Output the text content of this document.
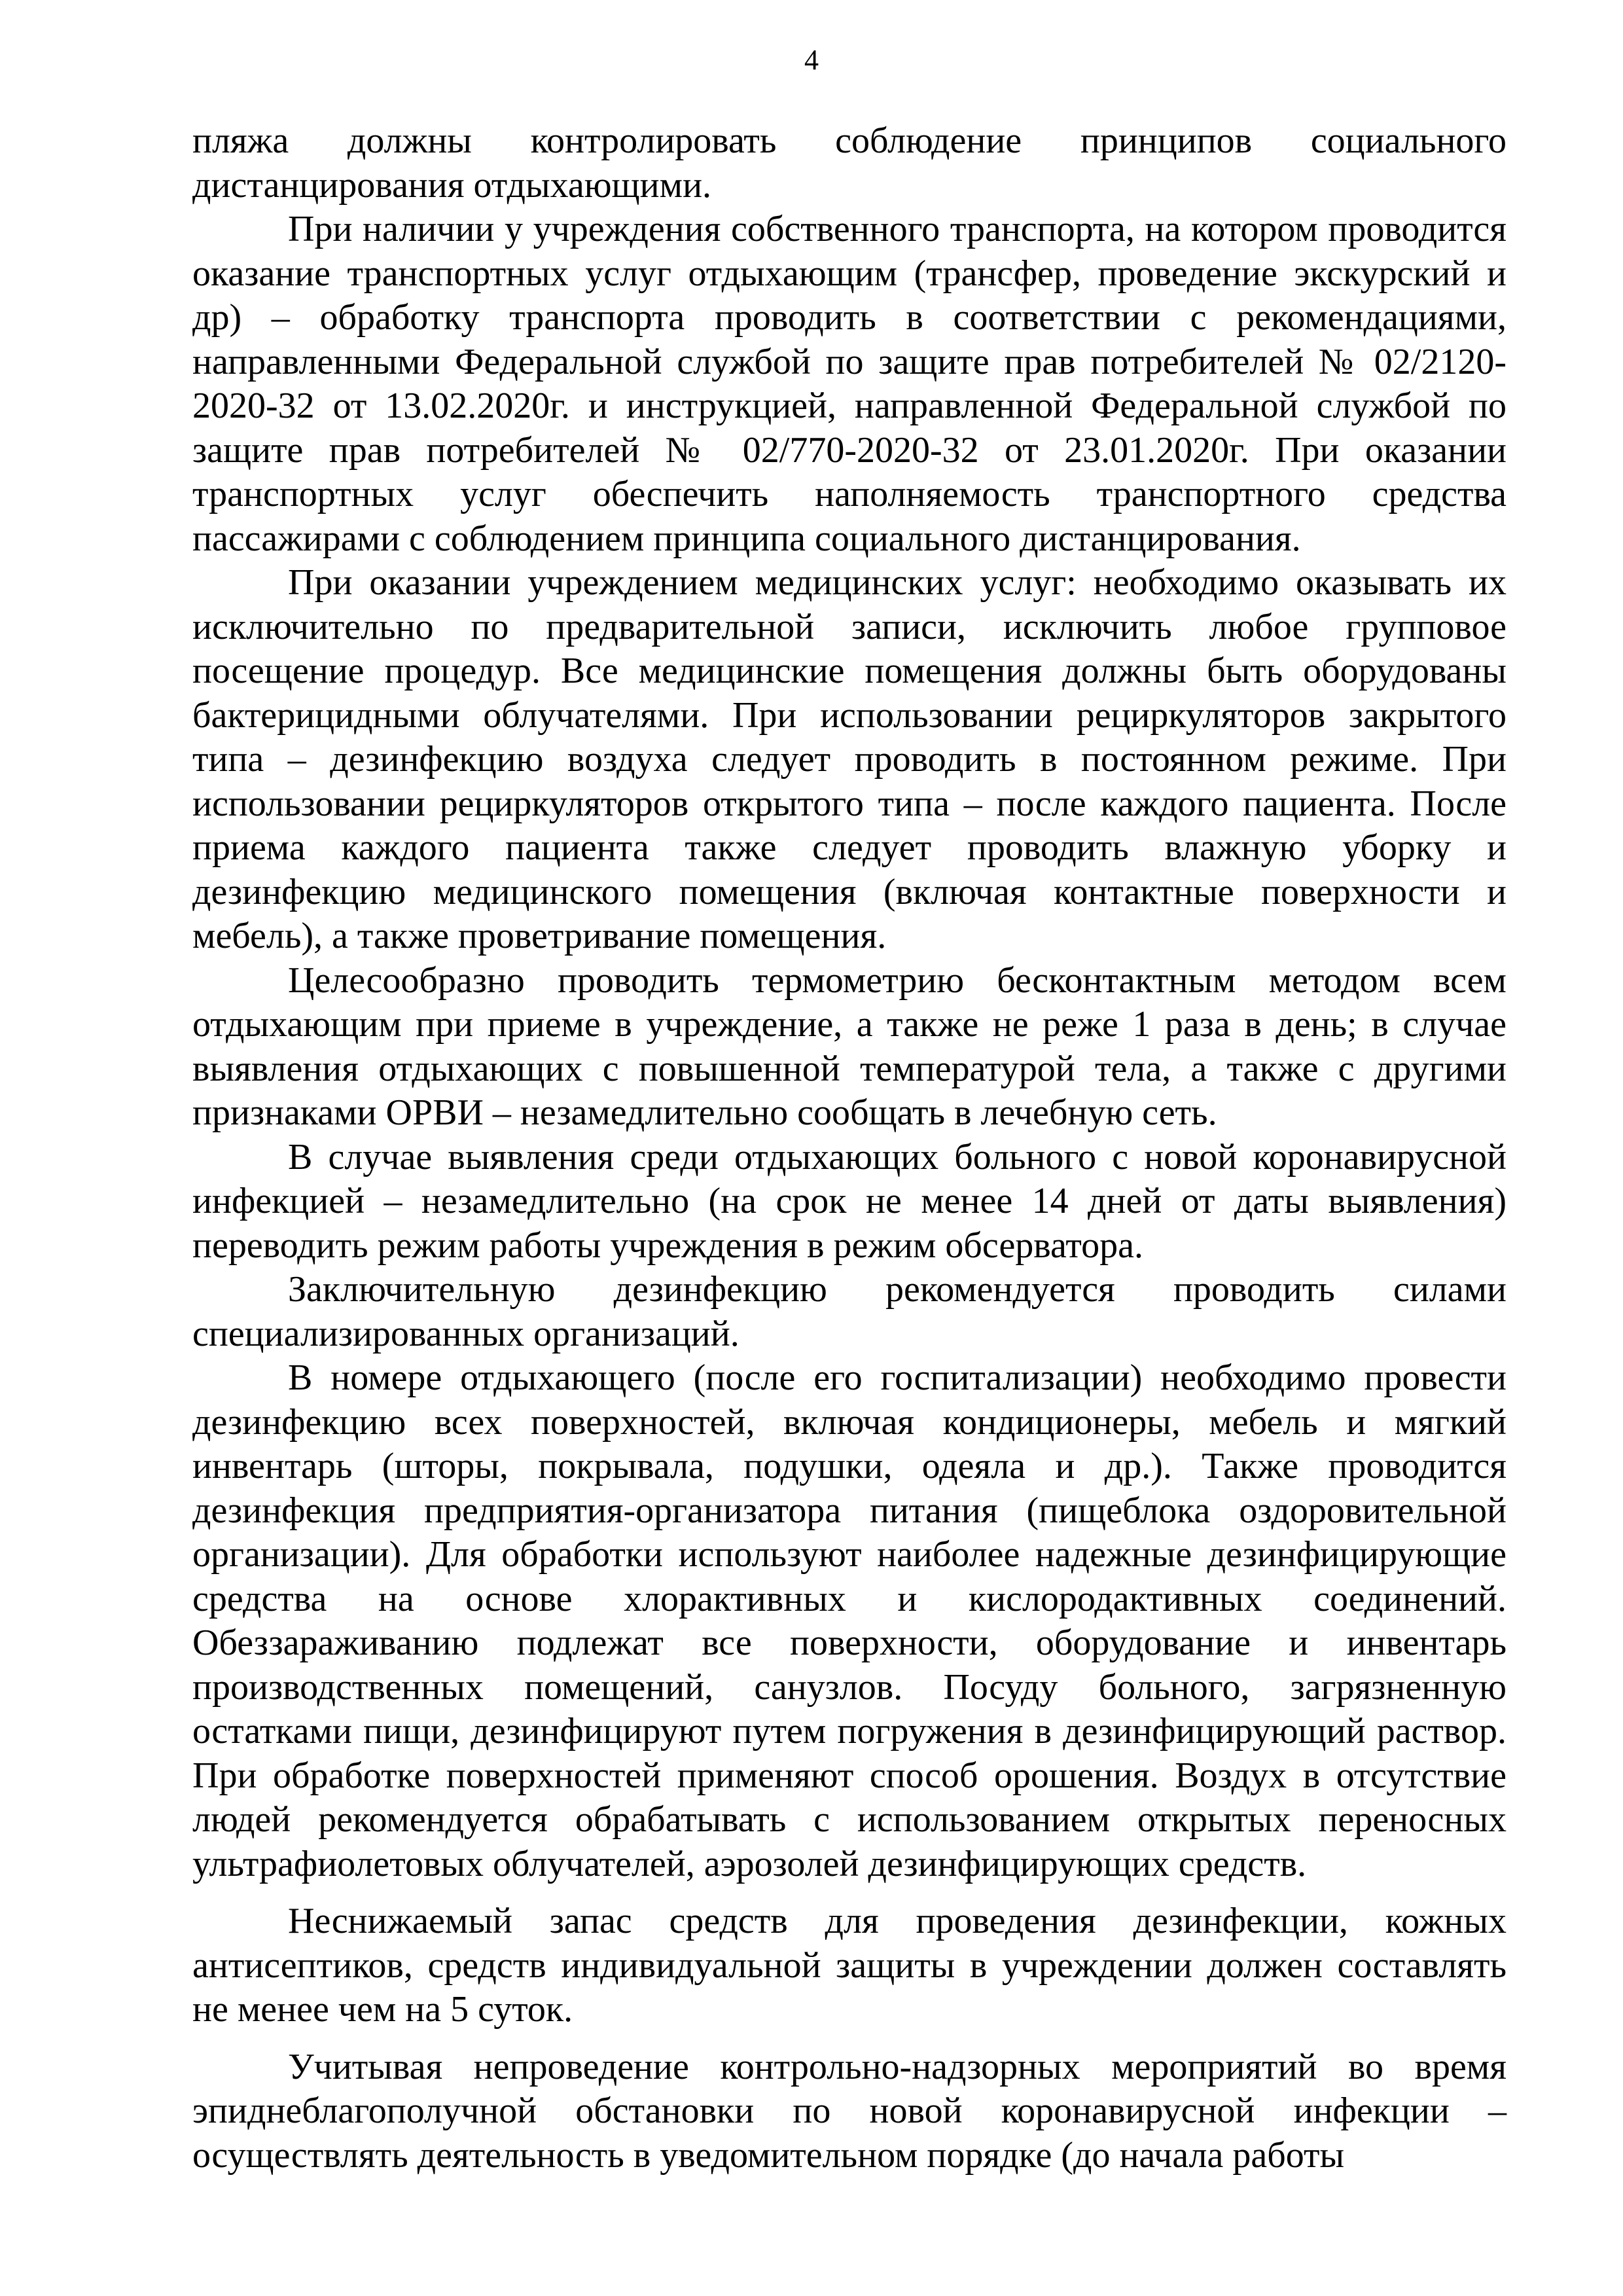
4

пляжа должны контролировать соблюдение принципов социального дистанцирования отдыхающими.

При наличии у учреждения собственного транспорта, на котором проводится оказание транспортных услуг отдыхающим (трансфер, проведение экскурский и др) – обработку транспорта проводить в соответствии с рекомендациями, направленными Федеральной службой по защите прав потребителей № 02/2120-2020-32 от 13.02.2020г. и инструкцией, направленной Федеральной службой по защите прав потребителей № 02/770-2020-32 от 23.01.2020г. При оказании транспортных услуг обеспечить наполняемость транспортного средства пассажирами с соблюдением принципа социального дистанцирования.

При оказании учреждением медицинских услуг: необходимо оказывать их исключительно по предварительной записи, исключить любое групповое посещение процедур. Все медицинские помещения должны быть оборудованы бактерицидными облучателями. При использовании рециркуляторов закрытого типа – дезинфекцию воздуха следует проводить в постоянном режиме. При использовании рециркуляторов открытого типа – после каждого пациента. После приема каждого пациента также следует проводить влажную уборку и дезинфекцию медицинского помещения (включая контактные поверхности и мебель), а также проветривание помещения.

Целесообразно проводить термометрию бесконтактным методом всем отдыхающим при приеме в учреждение, а также не реже 1 раза в день; в случае выявления отдыхающих с повышенной температурой тела, а также с другими признаками ОРВИ – незамедлительно сообщать в лечебную сеть.

В случае выявления среди отдыхающих больного с новой коронавирусной инфекцией – незамедлительно (на срок не менее 14 дней от даты выявления) переводить режим работы учреждения в режим обсерватора.

Заключительную дезинфекцию рекомендуется проводить силами специализированных организаций.

В номере отдыхающего (после его госпитализации) необходимо провести дезинфекцию всех поверхностей, включая кондиционеры, мебель и мягкий инвентарь (шторы, покрывала, подушки, одеяла и др.). Также проводится дезинфекция предприятия-организатора питания (пищеблока оздоровительной организации). Для обработки используют наиболее надежные дезинфицирующие средства на основе хлорактивных и кислородактивных соединений. Обеззараживанию подлежат все поверхности, оборудование и инвентарь производственных помещений, санузлов. Посуду больного, загрязненную остатками пищи, дезинфицируют путем погружения в дезинфицирующий раствор. При обработке поверхностей применяют способ орошения. Воздух в отсутствие людей рекомендуется обрабатывать с использованием открытых переносных ультрафиолетовых облучателей, аэрозолей дезинфицирующих средств.

Неснижаемый запас средств для проведения дезинфекции, кожных антисептиков, средств индивидуальной защиты в учреждении должен составлять не менее чем на 5 суток.

Учитывая непроведение контрольно-надзорных мероприятий во время эпиднеблагополучной обстановки по новой коронавирусной инфекции – осуществлять деятельность в уведомительном порядке (до начала работы
